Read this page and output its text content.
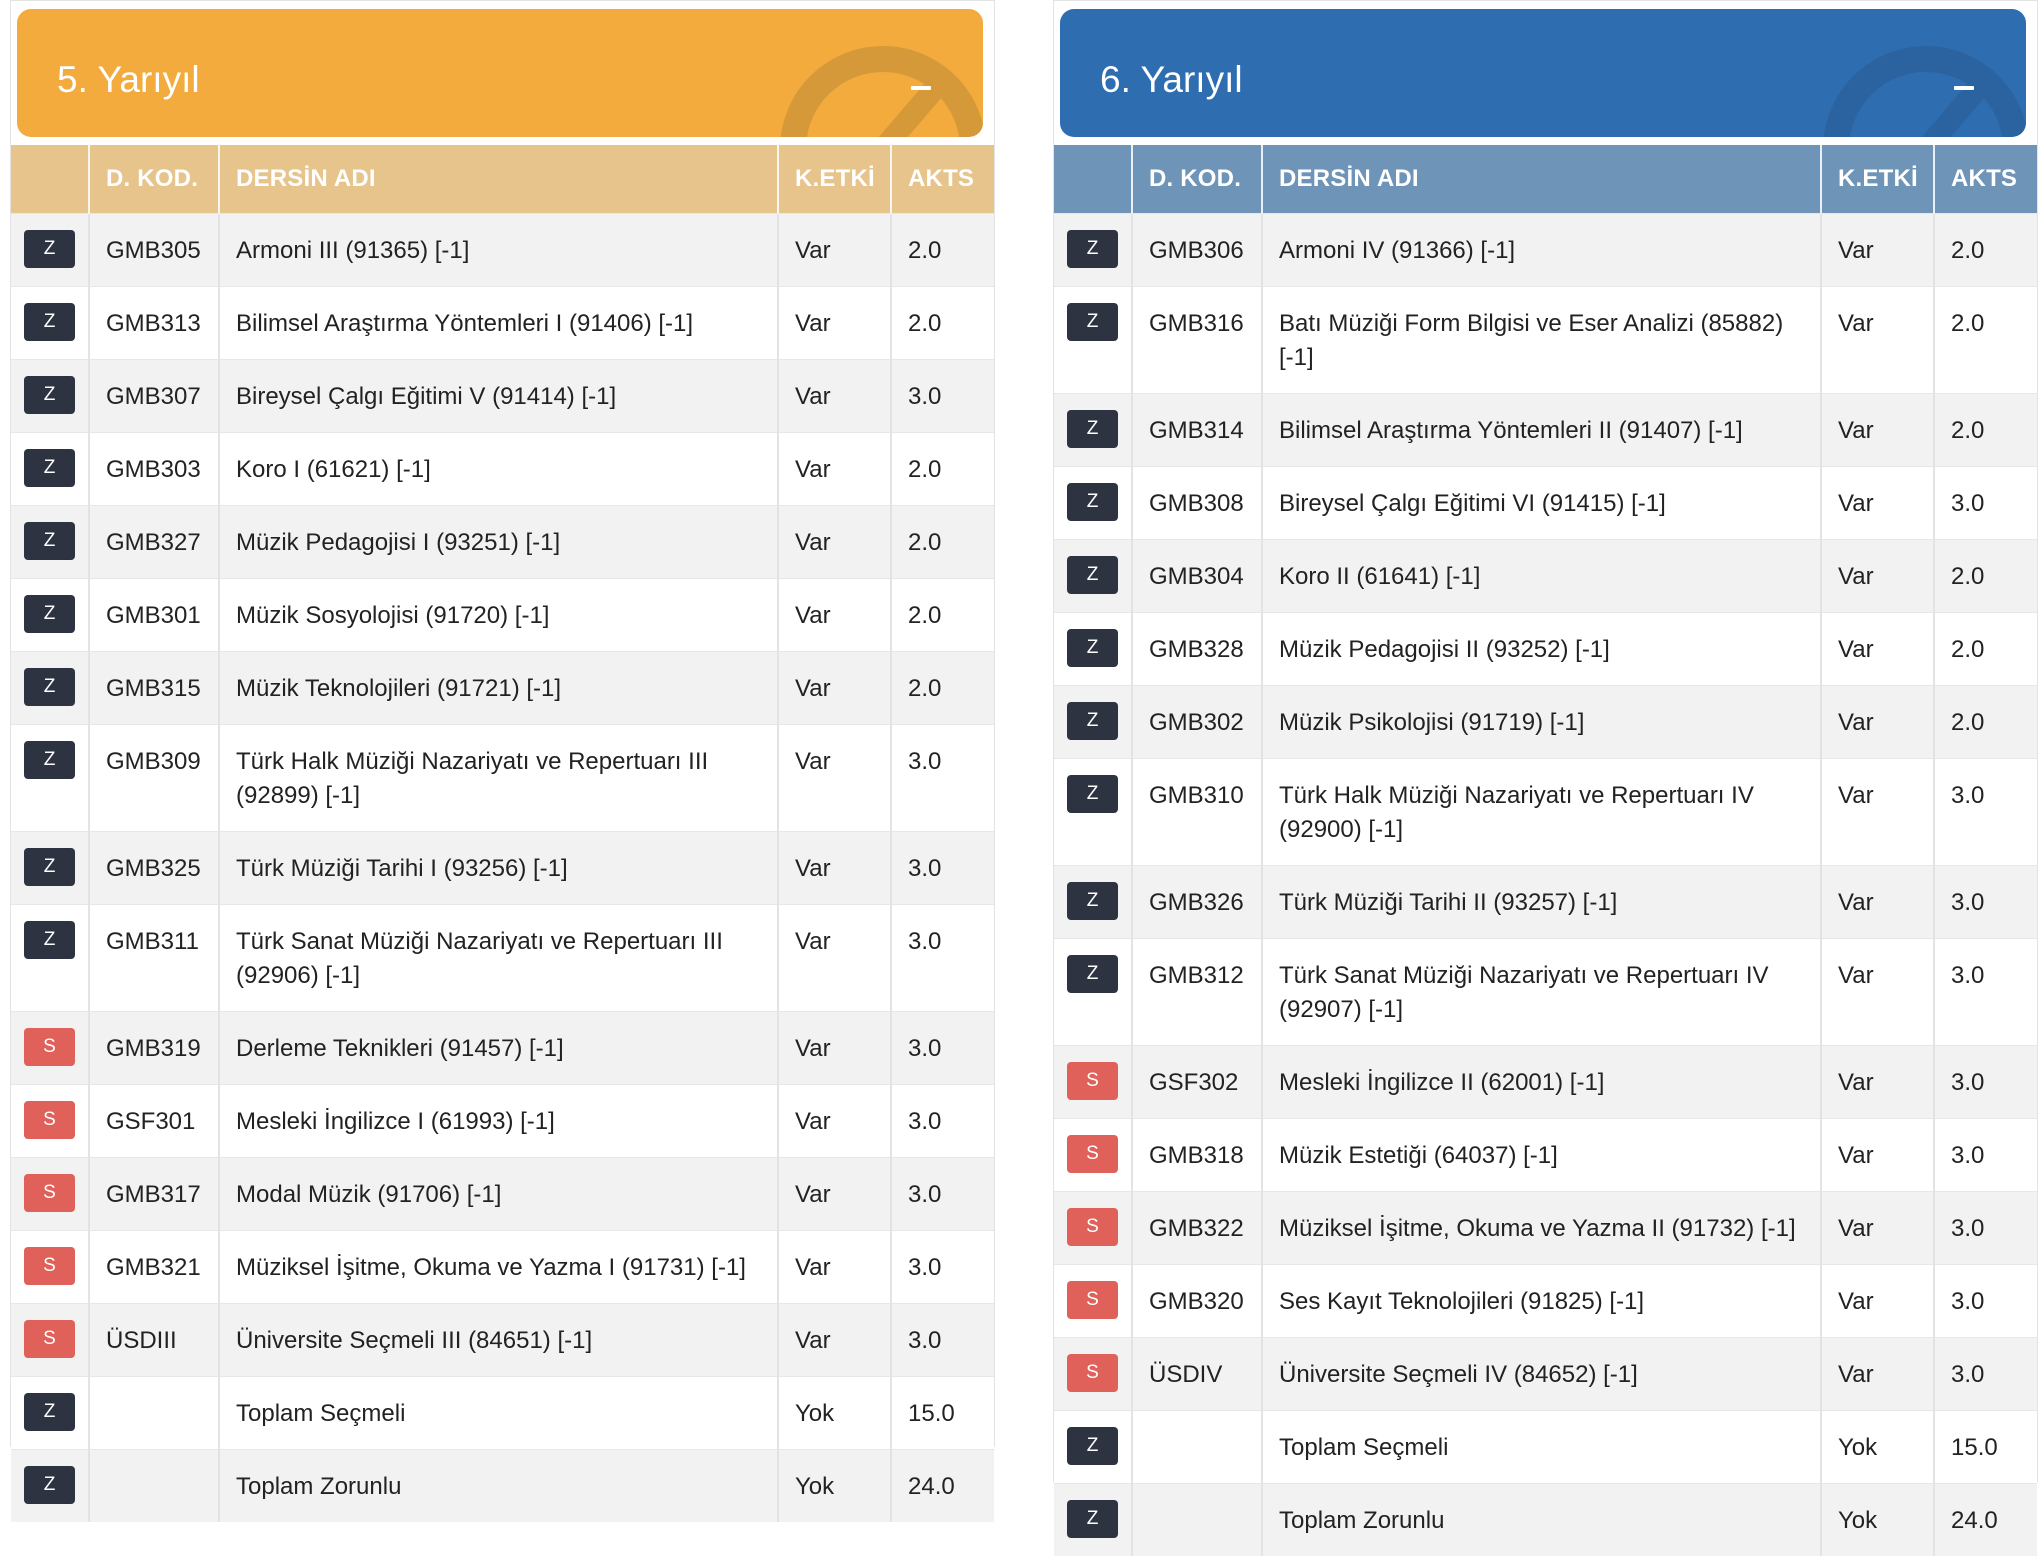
5. Yarıyıl
	D. KOD.	DERSİN ADI	K.ETKİ	AKTS
Z	GMB305	Armoni III (91365) [-1]	Var	2.0
Z	GMB313	Bilimsel Araştırma Yöntemleri I (91406) [-1]	Var	2.0
Z	GMB307	Bireysel Çalgı Eğitimi V (91414) [-1]	Var	3.0
Z	GMB303	Koro I (61621) [-1]	Var	2.0
Z	GMB327	Müzik Pedagojisi I (93251) [-1]	Var	2.0
Z	GMB301	Müzik Sosyolojisi (91720) [-1]	Var	2.0
Z	GMB315	Müzik Teknolojileri (91721) [-1]	Var	2.0
Z	GMB309	Türk Halk Müziği Nazariyatı ve Repertuarı III (92899) [-1]	Var	3.0
Z	GMB325	Türk Müziği Tarihi I (93256) [-1]	Var	3.0
Z	GMB311	Türk Sanat Müziği Nazariyatı ve Repertuarı III (92906) [-1]	Var	3.0
S	GMB319	Derleme Teknikleri (91457) [-1]	Var	3.0
S	GSF301	Mesleki İngilizce I (61993) [-1]	Var	3.0
S	GMB317	Modal Müzik (91706) [-1]	Var	3.0
S	GMB321	Müziksel İşitme, Okuma ve Yazma I (91731) [-1]	Var	3.0
S	ÜSDIII	Üniversite Seçmeli III (84651) [-1]	Var	3.0
Z		Toplam Seçmeli	Yok	15.0
Z		Toplam Zorunlu	Yok	24.0
6. Yarıyıl
	D. KOD.	DERSİN ADI	K.ETKİ	AKTS
Z	GMB306	Armoni IV (91366) [-1]	Var	2.0
Z	GMB316	Batı Müziği Form Bilgisi ve Eser Analizi (85882) [-1]	Var	2.0
Z	GMB314	Bilimsel Araştırma Yöntemleri II (91407) [-1]	Var	2.0
Z	GMB308	Bireysel Çalgı Eğitimi VI (91415) [-1]	Var	3.0
Z	GMB304	Koro II (61641) [-1]	Var	2.0
Z	GMB328	Müzik Pedagojisi II (93252) [-1]	Var	2.0
Z	GMB302	Müzik Psikolojisi (91719) [-1]	Var	2.0
Z	GMB310	Türk Halk Müziği Nazariyatı ve Repertuarı IV (92900) [-1]	Var	3.0
Z	GMB326	Türk Müziği Tarihi II (93257) [-1]	Var	3.0
Z	GMB312	Türk Sanat Müziği Nazariyatı ve Repertuarı IV (92907) [-1]	Var	3.0
S	GSF302	Mesleki İngilizce II (62001) [-1]	Var	3.0
S	GMB318	Müzik Estetiği (64037) [-1]	Var	3.0
S	GMB322	Müziksel İşitme, Okuma ve Yazma II (91732) [-1]	Var	3.0
S	GMB320	Ses Kayıt Teknolojileri (91825) [-1]	Var	3.0
S	ÜSDIV	Üniversite Seçmeli IV (84652) [-1]	Var	3.0
Z		Toplam Seçmeli	Yok	15.0
Z		Toplam Zorunlu	Yok	24.0
